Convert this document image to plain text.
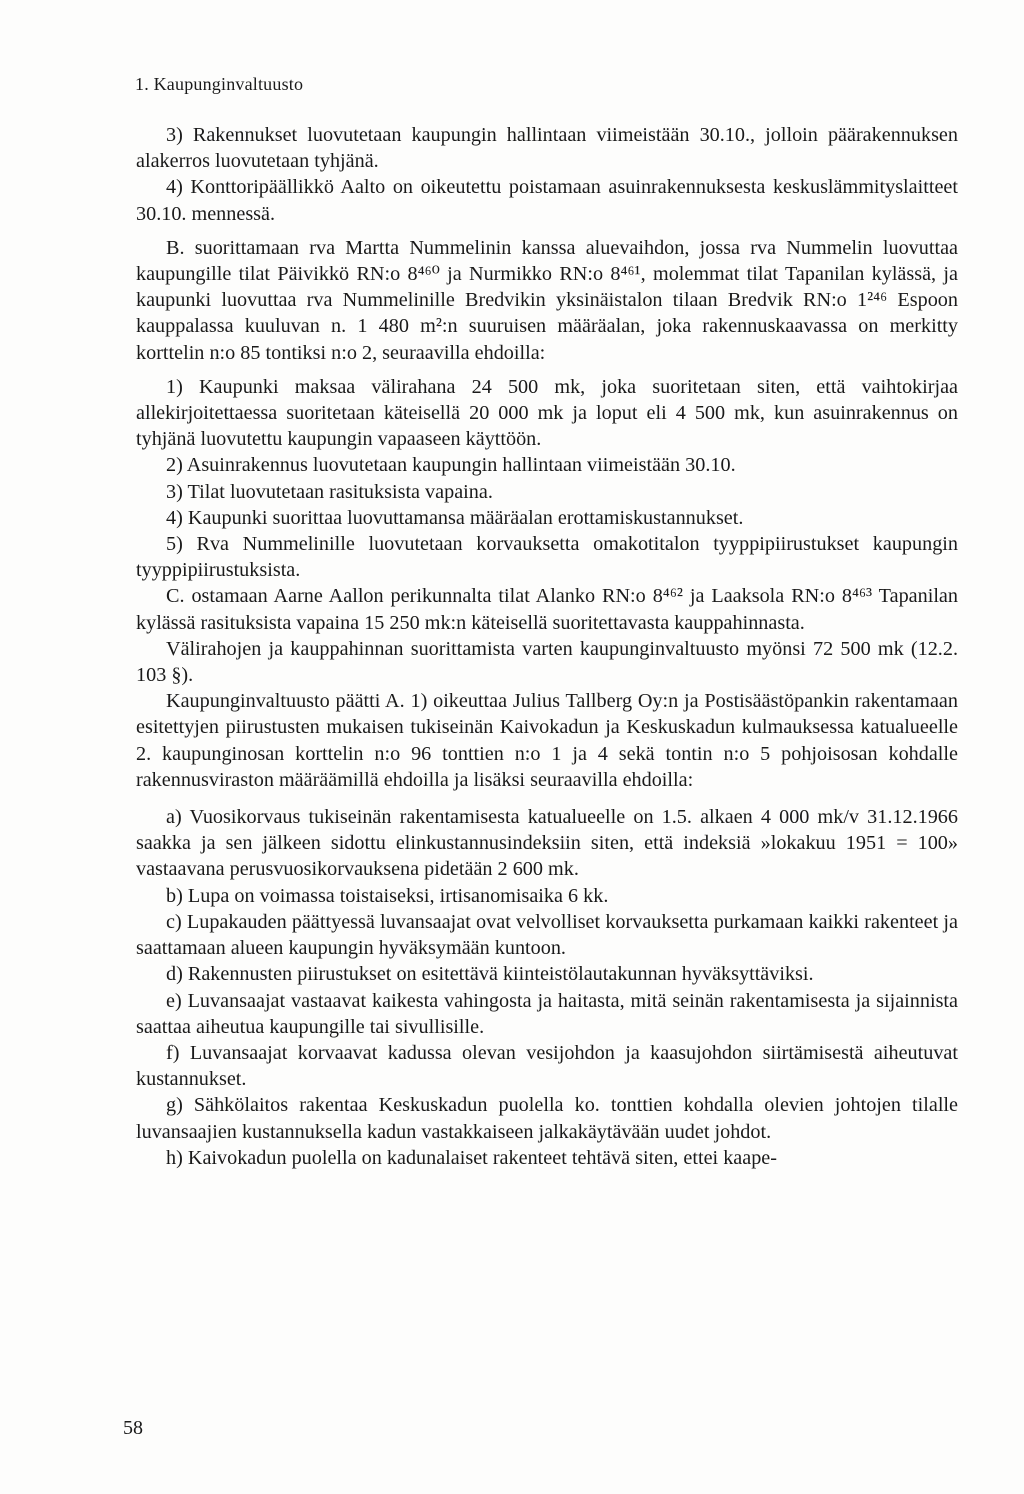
1. Kaupunginvaltuusto

3) Rakennukset luovutetaan kaupungin hallintaan viimeistään 30.10., jolloin päärakennuksen alakerros luovutetaan tyhjänä.

4) Konttoripäällikkö Aalto on oikeutettu poistamaan asuinrakennuksesta keskuslämmityslaitteet 30.10. mennessä.

B. suorittamaan rva Martta Nummelinin kanssa aluevaihdon, jossa rva Nummelin luovuttaa kaupungille tilat Päivikkö RN:o 8⁴⁶⁰ ja Nurmikko RN:o 8⁴⁶¹, molemmat tilat Tapanilan kylässä, ja kaupunki luovuttaa rva Nummelinille Bredvikin yksinäistalon tilaan Bredvik RN:o 1²⁴⁶ Espoon kauppalassa kuuluvan n. 1 480 m²:n suuruisen määräalan, joka rakennuskaavassa on merkitty korttelin n:o 85 tontiksi n:o 2, seuraavilla ehdoilla:

1) Kaupunki maksaa välirahana 24 500 mk, joka suoritetaan siten, että vaihtokirjaa allekirjoitettaessa suoritetaan käteisellä 20 000 mk ja loput eli 4 500 mk, kun asuinrakennus on tyhjänä luovutettu kaupungin vapaaseen käyttöön.

2) Asuinrakennus luovutetaan kaupungin hallintaan viimeistään 30.10.

3) Tilat luovutetaan rasituksista vapaina.

4) Kaupunki suorittaa luovuttamansa määräalan erottamiskustannukset.

5) Rva Nummelinille luovutetaan korvauksetta omakotitalon tyyppipiirustukset kaupungin tyyppipiirustuksista.

C. ostamaan Aarne Aallon perikunnalta tilat Alanko RN:o 8⁴⁶² ja Laaksola RN:o 8⁴⁶³ Tapanilan kylässä rasituksista vapaina 15 250 mk:n käteisellä suoritettavasta kauppahinnasta.

Välirahojen ja kauppahinnan suorittamista varten kaupunginvaltuusto myönsi 72 500 mk (12.2. 103 §).

Kaupunginvaltuusto päätti A. 1) oikeuttaa Julius Tallberg Oy:n ja Postisäästöpankin rakentamaan esitettyjen piirustusten mukaisen tukiseinän Kaivokadun ja Keskuskadun kulmauksessa katualueelle 2. kaupunginosan korttelin n:o 96 tonttien n:o 1 ja 4 sekä tontin n:o 5 pohjoisosan kohdalle rakennusviraston määräämillä ehdoilla ja lisäksi seuraavilla ehdoilla:

a) Vuosikorvaus tukiseinän rakentamisesta katualueelle on 1.5. alkaen 4 000 mk/v 31.12.1966 saakka ja sen jälkeen sidottu elinkustannusindeksiin siten, että indeksiä »lokakuu 1951 = 100» vastaavana perusvuosikorvauksena pidetään 2 600 mk.

b) Lupa on voimassa toistaiseksi, irtisanomisaika 6 kk.

c) Lupakauden päättyessä luvansaajat ovat velvolliset korvauksetta purkamaan kaikki rakenteet ja saattamaan alueen kaupungin hyväksymään kuntoon.

d) Rakennusten piirustukset on esitettävä kiinteistölautakunnan hyväksyttäviksi.

e) Luvansaajat vastaavat kaikesta vahingosta ja haitasta, mitä seinän rakentamisesta ja sijainnista saattaa aiheutua kaupungille tai sivullisille.

f) Luvansaajat korvaavat kadussa olevan vesijohdon ja kaasujohdon siirtämisestä aiheutuvat kustannukset.

g) Sähkölaitos rakentaa Keskuskadun puolella ko. tonttien kohdalla olevien johtojen tilalle luvansaajien kustannuksella kadun vastakkaiseen jalkakäytävään uudet johdot.

h) Kaivokadun puolella on kadunalaiset rakenteet tehtävä siten, ettei kaape-

58
